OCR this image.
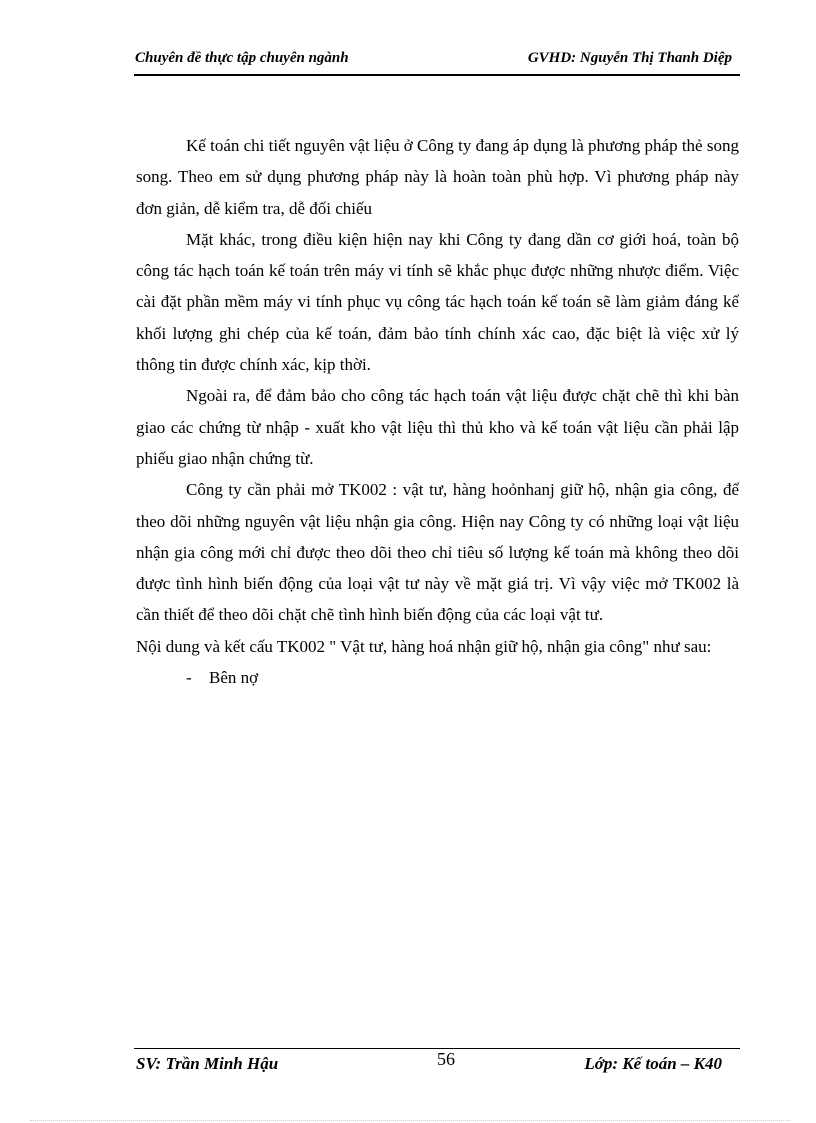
Chuyên đề thực tập chuyên ngành	GVHD: Nguyễn Thị Thanh Diệp

Kế toán chi tiết nguyên vật liệu ở Công ty đang áp dụng là phương pháp thẻ song song. Theo em sử dụng phương pháp này là hoàn toàn phù hợp. Vì phương pháp này đơn giản, dễ kiểm tra, dễ đối chiếu

Mặt khác, trong điều kiện hiện nay khi Công ty đang dần cơ giới hoá, toàn bộ công tác hạch toán kế toán trên máy vi tính sẽ khắc phục được những nhược điểm. Việc cài đặt phần mềm máy vi tính phục vụ công tác hạch toán kế toán sẽ làm giảm đáng kể khối lượng ghi chép của kế toán, đảm bảo tính chính xác cao, đặc biệt là việc xử lý thông tin được chính xác, kịp thời.

Ngoài ra, để đảm bảo cho công tác hạch toán vật liệu được chặt chẽ thì khi bàn giao các chứng từ nhập - xuất kho vật liệu thì thủ kho và kế toán vật liệu cần phải lập phiếu giao nhận chứng từ.

Công ty cần phải mở TK002 : vật tư, hàng hoỏnhanj giữ hộ, nhận gia công, để theo dõi những nguyên vật liệu nhận gia công. Hiện nay Công ty có những loại vật liệu nhận gia công mới chỉ được theo dõi theo chỉ tiêu số lượng kế toán mà không theo dõi được tình hình biến động của loại vật tư này về mặt giá trị. Vì vậy việc mở TK002 là cần thiết để theo dõi chặt chẽ tình hình biến động của các loại vật tư.

Nội dung và kết cấu TK002 " Vật tư, hàng hoá nhận giữ hộ, nhận gia công" như sau:

- Bên nợ

SV: Trần Minh Hậu	56	Lớp: Kế toán – K40
